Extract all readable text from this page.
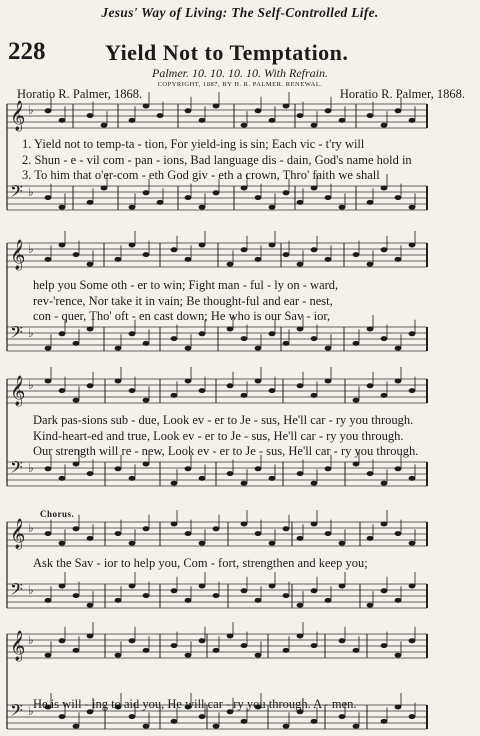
Jesus' Way of Living: The Self-Controlled Life.
228	Yield Not to Temptation.
Palmer. 10. 10. 10. 10. With Refrain.
COPYRIGHT, 1887, BY H. R. PALMER. RENEWAL.
Horatio R. Palmer, 1868.	Horatio R. Palmer, 1868.
𝄞 ♭
𝄢 ♭
𝄞 ♭
𝄢 ♭
𝄞 ♭
𝄢 ♭
𝄞 ♭
𝄢 ♭
𝄞 ♭
𝄢 ♭
1. Yield not to temp-ta - tion, For yield-ing is sin; Each vic - t'ry will
2. Shun - e - vil com - pan - ions, Bad language dis - dain, God's name hold in
3. To him that o'er-com - eth God giv - eth a crown, Thro' faith we shall
help you Some oth - er to win; Fight man - ful - ly on - ward,
rev-'rence, Nor take it in vain; Be thought-ful and ear - nest,
con - quer, Tho' oft - en cast down; He who is our Sav - ior,
Dark pas-sions sub - due, Look ev - er to Je - sus, He'll car - ry you through.
Kind-heart-ed and true, Look ev - er to Je - sus, He'll car - ry you through.
Our strength will re - new, Look ev - er to Je - sus, He'll car - ry you through.
Chorus.
Ask the Sav - ior to help you, Com - fort, strengthen and keep you;
He is will - ing to aid you, He will car - ry you through. A - men.
